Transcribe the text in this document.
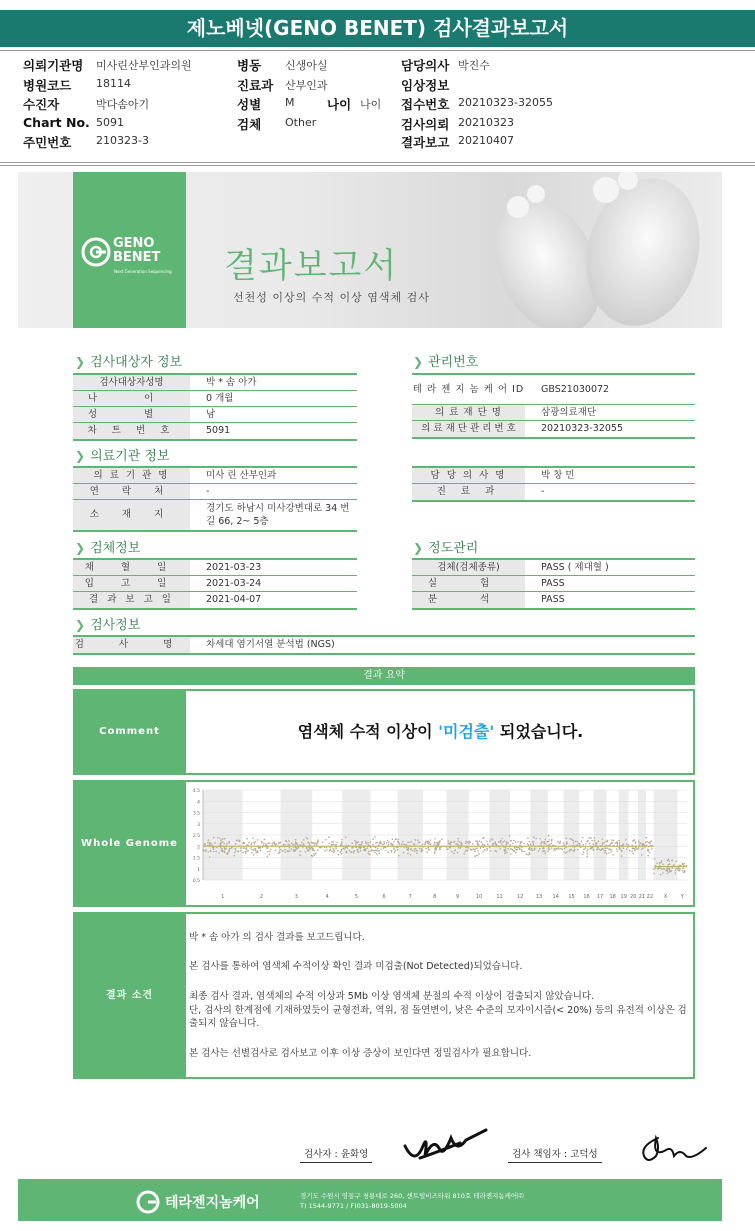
제노베넷(GENO BENET) 검사결과보고서
의뢰기관명 미사린산부인과의원
병원코드 18114
수진자	박다솜아기
Chart No. 5091
주민번호 210323-3
병동 신생아실
진료과 산부인과
성별 M	나이 나이
검체 Other
담당의사 박진수
임상정보
접수번호 20210323-32055
검사의뢰 20210323
결과보고 20210407
GENO
BENET
Next Generation Sequencing 결과보고서
선천성 이상의 수적 이상 염색체 검사
❯ 검사대상자 정보
검사대상자성명	박 * 솜 아가
나 이	0 개월
성 별	남
차 트 번 호	5091
❯ 관리번호
테 라 젠 지 놈 케 어 ID	GBS21030072
의 료 재 단 명	삼광의료재단
의 료 재 단 관 리 번 호	20210323-32055
❯ 의료기관 정보
의 료 기 관 명	미사 린 산부인과
연 락 처	-
소 재 지
경기도 하남시 미사강변대로 34 번길 66, 2~ 5층
담 당 의 사 명	박 창 민
진 료 과	-
❯ 검체정보
채 혈 일	2021-03-23
입 고 일	2021-03-24
결 과 보 고 일	2021-04-07
❯ 정도관리
검체(검체종류)	PASS ( 제대혈 )
실 험	PASS
분 석	PASS
❯ 검사정보
검 사 명	차세대 염기서열 분석법 (NGS)
결과 요약
Comment	염색체 수적 이상이 '미검출' 되었습니다.
Whole Genome
4.5
4
3.5
3
2.5
2
1.5
1
0.5
1	2	3	4	5	6	7	8	9	10	11	12	13 14 15 16 17 18 19 20 21 22 X	Y
결과 소견
박 * 솜 아가 의 검사 결과를 보고드립니다.
본 검사를 통하여 염색체 수적이상 확인 결과 미검출(Not Detected)되었습니다.
최종 검사 결과, 염색체의 수적 이상과 5Mb 이상 염색체 분절의 수적 이상이 검출되지 않았습니다.
단, 검사의 한계점에 기재하였듯이 균형전좌, 역위, 점 돌연변이, 낮은 수준의 모자이시즘(< 20%) 등의 유전적 이상은 검출되지 않습니다.
본 검사는 선별검사로 검사보고 이후 이상 증상이 보인다면 정밀검사가 필요합니다.
검사자 : 윤화영	검사 책임자 : 고덕성
테라젠지놈케어	경기도 수원시 영통구 청룡대로 260, 센트럴비즈타워 810호 테라젠지놈케어㈜
T) 1544-9771 / F)031-8019-5004
